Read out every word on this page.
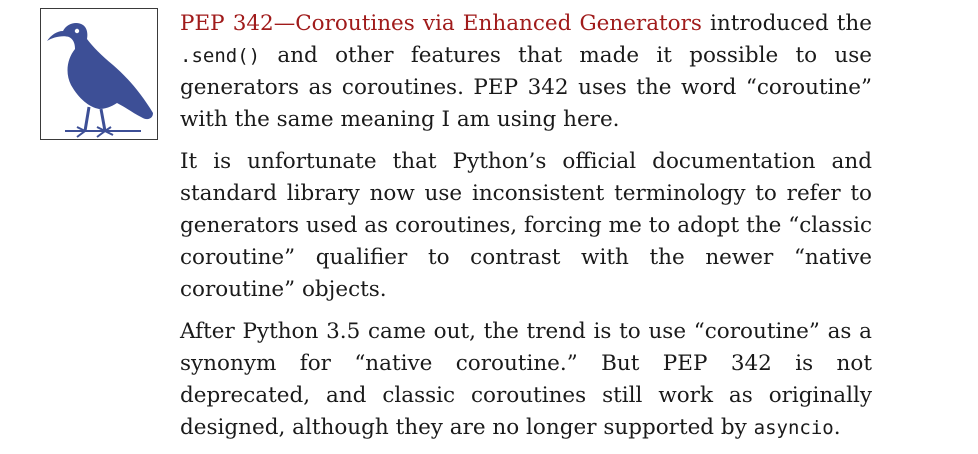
PEP 342—Coroutines via Enhanced Generators introduced the .send() and other features that made it possible to use generators as coroutines. PEP 342 uses the word “coroutine” with the same meaning I am using here.

It is unfortunate that Python’s official documentation and standard library now use inconsistent terminology to refer to generators used as coroutines, forcing me to adopt the “classic coroutine” qualifier to contrast with the newer “native coroutine” objects.

After Python 3.5 came out, the trend is to use “coroutine” as a synonym for “native coroutine.” But PEP 342 is not deprecated, and classic coroutines still work as originally designed, although they are no longer supported by asyncio.
